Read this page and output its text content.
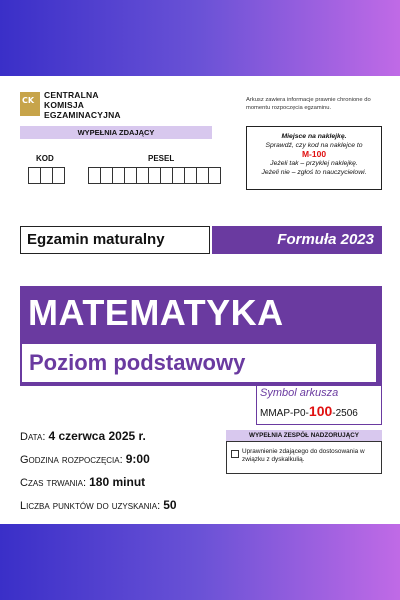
CK
CENTRALNA
KOMISJA
EGZAMINACYJNA
Arkusz zawiera informacje prawnie chronione do momentu rozpoczęcia egzaminu.
WYPEŁNIA ZDAJĄCY
KOD	PESEL
Miejsce na naklejkę.
Sprawdź, czy kod na naklejce to
M-100
Jeżeli tak – przyklej naklejkę.
Jeżeli nie – zgłoś to nauczycielowi.
Egzamin maturalny	Formuła 2023
MATEMATYKA
Poziom podstawowy
Symbol arkusza
MMAP-P0-100-2506
Data: 4 czerwca 2025 r.
Godzina rozpoczęcia: 9:00
Czas trwania: 180 minut
Liczba punktów do uzyskania: 50
WYPEŁNIA ZESPÓŁ NADZORUJĄCY
Uprawnienie zdającego do dostosowania w związku z dyskalkulią.
